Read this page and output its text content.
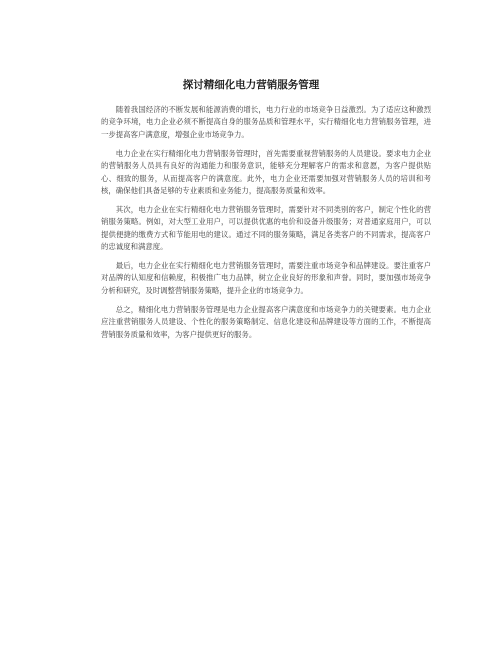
探讨精细化电力营销服务管理

随着我国经济的不断发展和能源消费的增长，电力行业的市场竞争日益激烈。为了适应这种激烈的竞争环境，电力企业必须不断提高自身的服务品质和管理水平，实行精细化电力营销服务管理，进一步提高客户满意度，增强企业市场竞争力。

电力企业在实行精细化电力营销服务管理时，首先需要重视营销服务的人员建设。要求电力企业的营销服务人员具有良好的沟通能力和服务意识，能够充分理解客户的需求和意愿，为客户提供贴心、细致的服务，从而提高客户的满意度。此外，电力企业还需要加强对营销服务人员的培训和考核，确保他们具备足够的专业素质和业务能力，提高服务质量和效率。

其次，电力企业在实行精细化电力营销服务管理时，需要针对不同类别的客户，制定个性化的营销服务策略。例如，对大型工业用户，可以提供优惠的电价和设备升级服务；对普通家庭用户，可以提供便捷的缴费方式和节能用电的建议。通过不同的服务策略，满足各类客户的不同需求，提高客户的忠诚度和满意度。

最后，电力企业在实行精细化电力营销服务管理时，需要注重市场竞争和品牌建设。要注重客户对品牌的认知度和信赖度，积极推广电力品牌，树立企业良好的形象和声誉。同时，要加强市场竞争分析和研究，及时调整营销服务策略，提升企业的市场竞争力。

总之，精细化电力营销服务管理是电力企业提高客户满意度和市场竞争力的关键要素。电力企业应注重营销服务人员建设、个性化的服务策略制定、信息化建设和品牌建设等方面的工作，不断提高营销服务质量和效率，为客户提供更好的服务。
